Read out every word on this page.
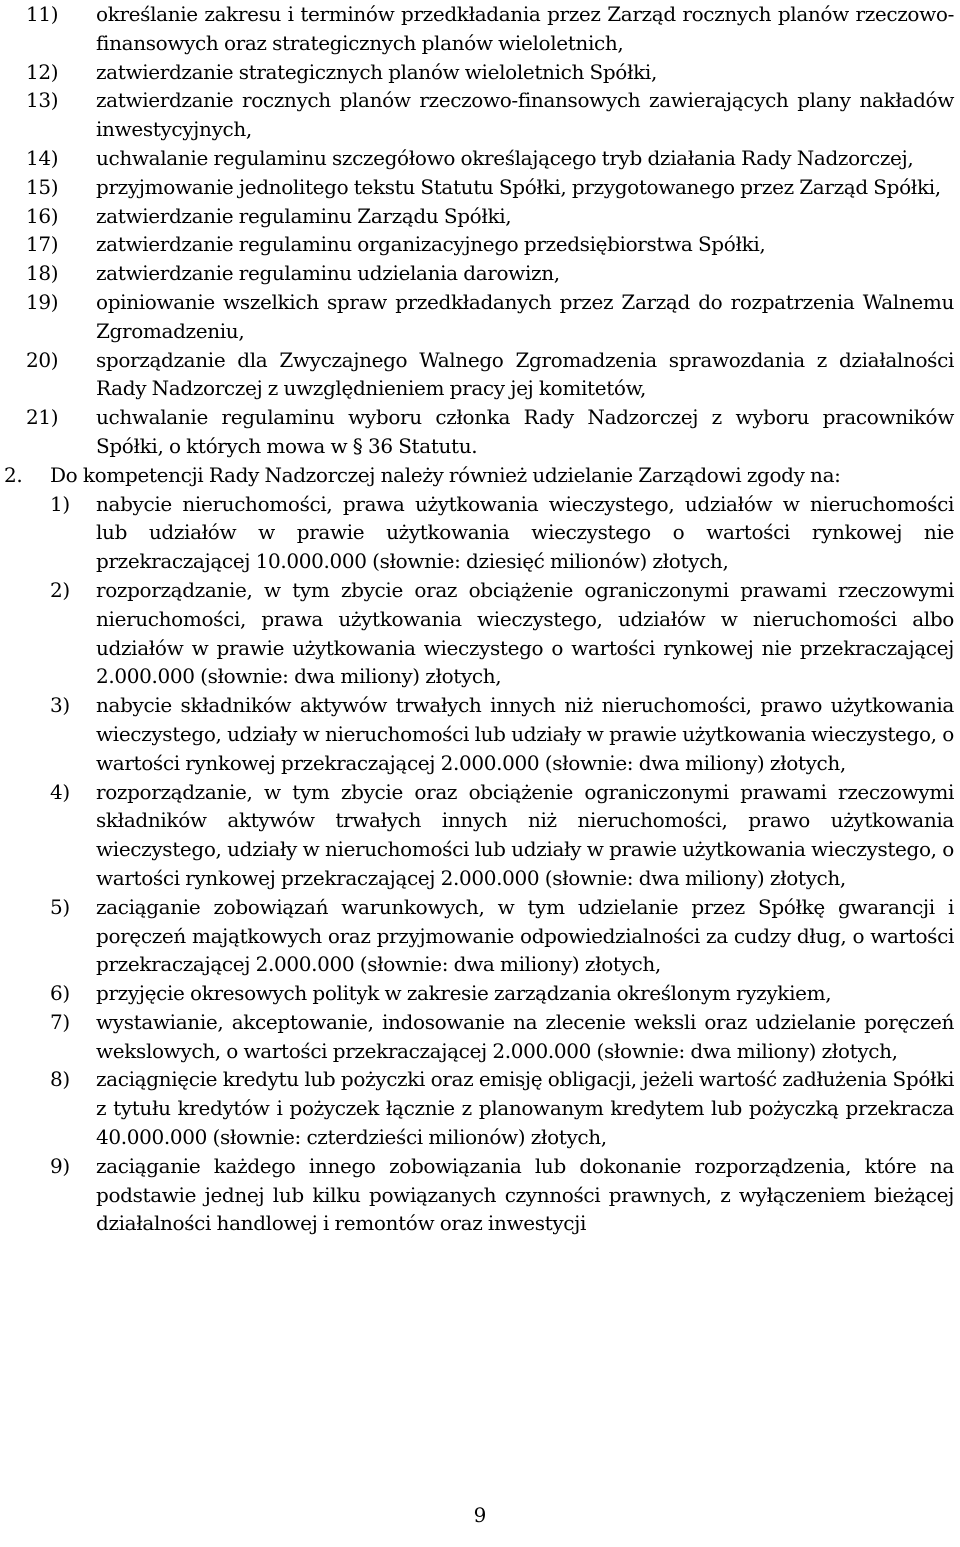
11) określanie zakresu i terminów przedkładania przez Zarząd rocznych planów rzeczowo-finansowych oraz strategicznych planów wieloletnich,
12) zatwierdzanie strategicznych planów wieloletnich Spółki,
13) zatwierdzanie rocznych planów rzeczowo-finansowych zawierających plany nakładów inwestycyjnych,
14) uchwalanie regulaminu szczegółowo określającego tryb działania Rady Nadzorczej,
15) przyjmowanie jednolitego tekstu Statutu Spółki, przygotowanego przez Zarząd Spółki,
16) zatwierdzanie regulaminu Zarządu Spółki,
17) zatwierdzanie regulaminu organizacyjnego przedsiębiorstwa Spółki,
18) zatwierdzanie regulaminu udzielania darowizn,
19) opiniowanie wszelkich spraw przedkładanych przez Zarząd do rozpatrzenia Walnemu Zgromadzeniu,
20) sporządzanie dla Zwyczajnego Walnego Zgromadzenia sprawozdania z działalności Rady Nadzorczej z uwzględnieniem pracy jej komitetów,
21) uchwalanie regulaminu wyboru członka Rady Nadzorczej z wyboru pracowników Spółki, o których mowa w § 36 Statutu.
2. Do kompetencji Rady Nadzorczej należy również udzielanie Zarządowi zgody na:
1) nabycie nieruchomości, prawa użytkowania wieczystego, udziałów w nieruchomości lub udziałów w prawie użytkowania wieczystego o wartości rynkowej nie przekraczającej 10.000.000 (słownie: dziesięć milionów) złotych,
2) rozporządzanie, w tym zbycie oraz obciążenie ograniczonymi prawami rzeczowymi nieruchomości, prawa użytkowania wieczystego, udziałów w nieruchomości albo udziałów w prawie użytkowania wieczystego o wartości rynkowej nie przekraczającej 2.000.000 (słownie: dwa miliony) złotych,
3) nabycie składników aktywów trwałych innych niż nieruchomości, prawo użytkowania wieczystego, udziały w nieruchomości lub udziały w prawie użytkowania wieczystego, o wartości rynkowej przekraczającej 2.000.000 (słownie: dwa miliony) złotych,
4) rozporządzanie, w tym zbycie oraz obciążenie ograniczonymi prawami rzeczowymi składników aktywów trwałych innych niż nieruchomości, prawo użytkowania wieczystego, udziały w nieruchomości lub udziały w prawie użytkowania wieczystego, o wartości rynkowej przekraczającej 2.000.000 (słownie: dwa miliony) złotych,
5) zaciąganie zobowiązań warunkowych, w tym udzielanie przez Spółkę gwarancji i poręczeń majątkowych oraz przyjmowanie odpowiedzialności za cudzy dług, o wartości przekraczającej 2.000.000 (słownie: dwa miliony) złotych,
6) przyjęcie okresowych polityk w zakresie zarządzania określonym ryzykiem,
7) wystawianie, akceptowanie, indosowanie na zlecenie weksli oraz udzielanie poręczeń wekslowych, o wartości przekraczającej 2.000.000 (słownie: dwa miliony) złotych,
8) zaciągnięcie kredytu lub pożyczki oraz emisję obligacji, jeżeli wartość zadłużenia Spółki z tytułu kredytów i pożyczek łącznie z planowanym kredytem lub pożyczką przekracza 40.000.000 (słownie: czterdzieści milionów) złotych,
9) zaciąganie każdego innego zobowiązania lub dokonanie rozporządzenia, które na podstawie jednej lub kilku powiązanych czynności prawnych, z wyłączeniem bieżącej działalności handlowej i remontów oraz inwestycji
9
